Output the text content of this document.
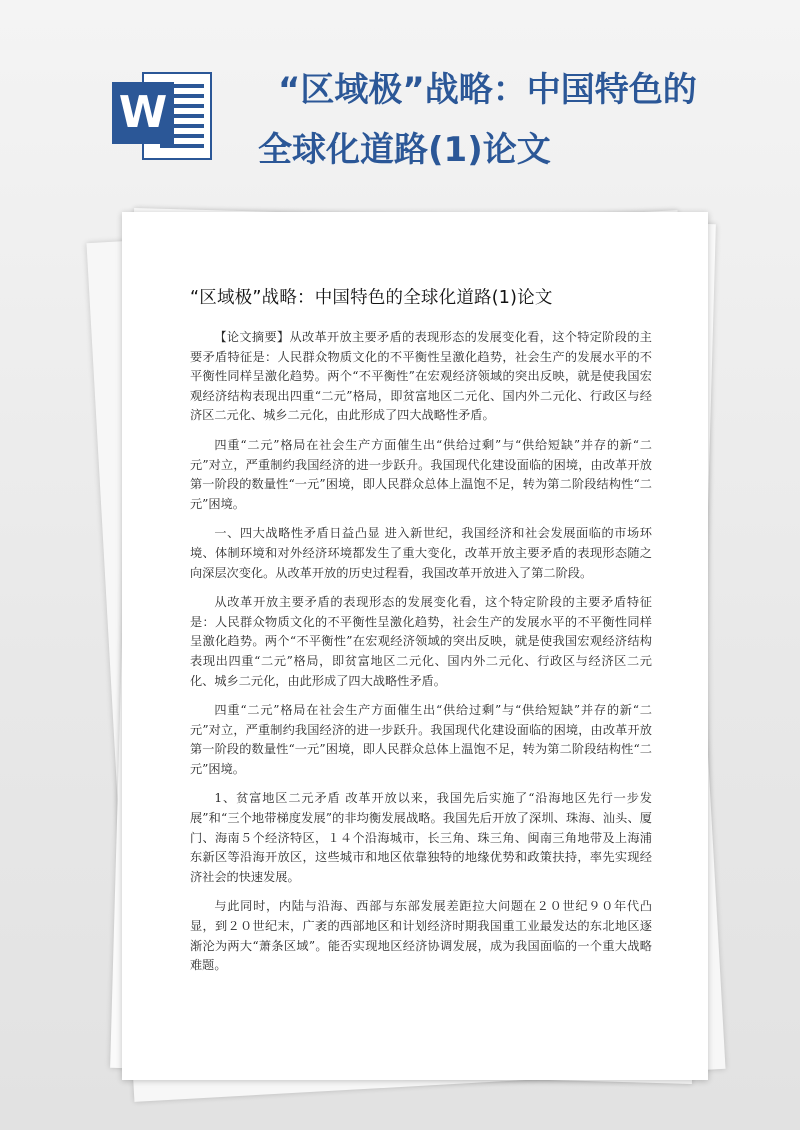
W	“区域极”战略：中国特色的
全球化道路(1)论文
“区域极”战略：中国特色的全球化道路(1)论文

【论文摘要】从改革开放主要矛盾的表现形态的发展变化看，这个特定阶段的主要矛盾特征是：人民群众物质文化的不平衡性呈激化趋势，社会生产的发展水平的不平衡性同样呈激化趋势。两个“不平衡性”在宏观经济领域的突出反映，就是使我国宏观经济结构表现出四重“二元”格局，即贫富地区二元化、国内外二元化、行政区与经济区二元化、城乡二元化，由此形成了四大战略性矛盾。

四重“二元”格局在社会生产方面催生出“供给过剩”与“供给短缺”并存的新“二元”对立，严重制约我国经济的进一步跃升。我国现代化建设面临的困境，由改革开放第一阶段的数量性“一元”困境，即人民群众总体上温饱不足，转为第二阶段结构性“二元”困境。

一、四大战略性矛盾日益凸显 进入新世纪，我国经济和社会发展面临的市场环境、体制环境和对外经济环境都发生了重大变化，改革开放主要矛盾的表现形态随之向深层次变化。从改革开放的历史过程看，我国改革开放进入了第二阶段。

从改革开放主要矛盾的表现形态的发展变化看，这个特定阶段的主要矛盾特征是：人民群众物质文化的不平衡性呈激化趋势，社会生产的发展水平的不平衡性同样呈激化趋势。两个“不平衡性”在宏观经济领域的突出反映，就是使我国宏观经济结构表现出四重“二元”格局，即贫富地区二元化、国内外二元化、行政区与经济区二元化、城乡二元化，由此形成了四大战略性矛盾。

四重“二元”格局在社会生产方面催生出“供给过剩”与“供给短缺”并存的新“二元”对立，严重制约我国经济的进一步跃升。我国现代化建设面临的困境，由改革开放第一阶段的数量性“一元”困境，即人民群众总体上温饱不足，转为第二阶段结构性“二元”困境。

1、贫富地区二元矛盾 改革开放以来，我国先后实施了“沿海地区先行一步发展”和“三个地带梯度发展”的非均衡发展战略。我国先后开放了深圳、珠海、汕头、厦门、海南５个经济特区，１４个沿海城市，长三角、珠三角、闽南三角地带及上海浦东新区等沿海开放区，这些城市和地区依靠独特的地缘优势和政策扶持，率先实现经济社会的快速发展。

与此同时，内陆与沿海、西部与东部发展差距拉大问题在２０世纪９０年代凸显，到２０世纪末，广袤的西部地区和计划经济时期我国重工业最发达的东北地区逐渐沦为两大“萧条区域”。能否实现地区经济协调发展，成为我国面临的一个重大战略难题。
